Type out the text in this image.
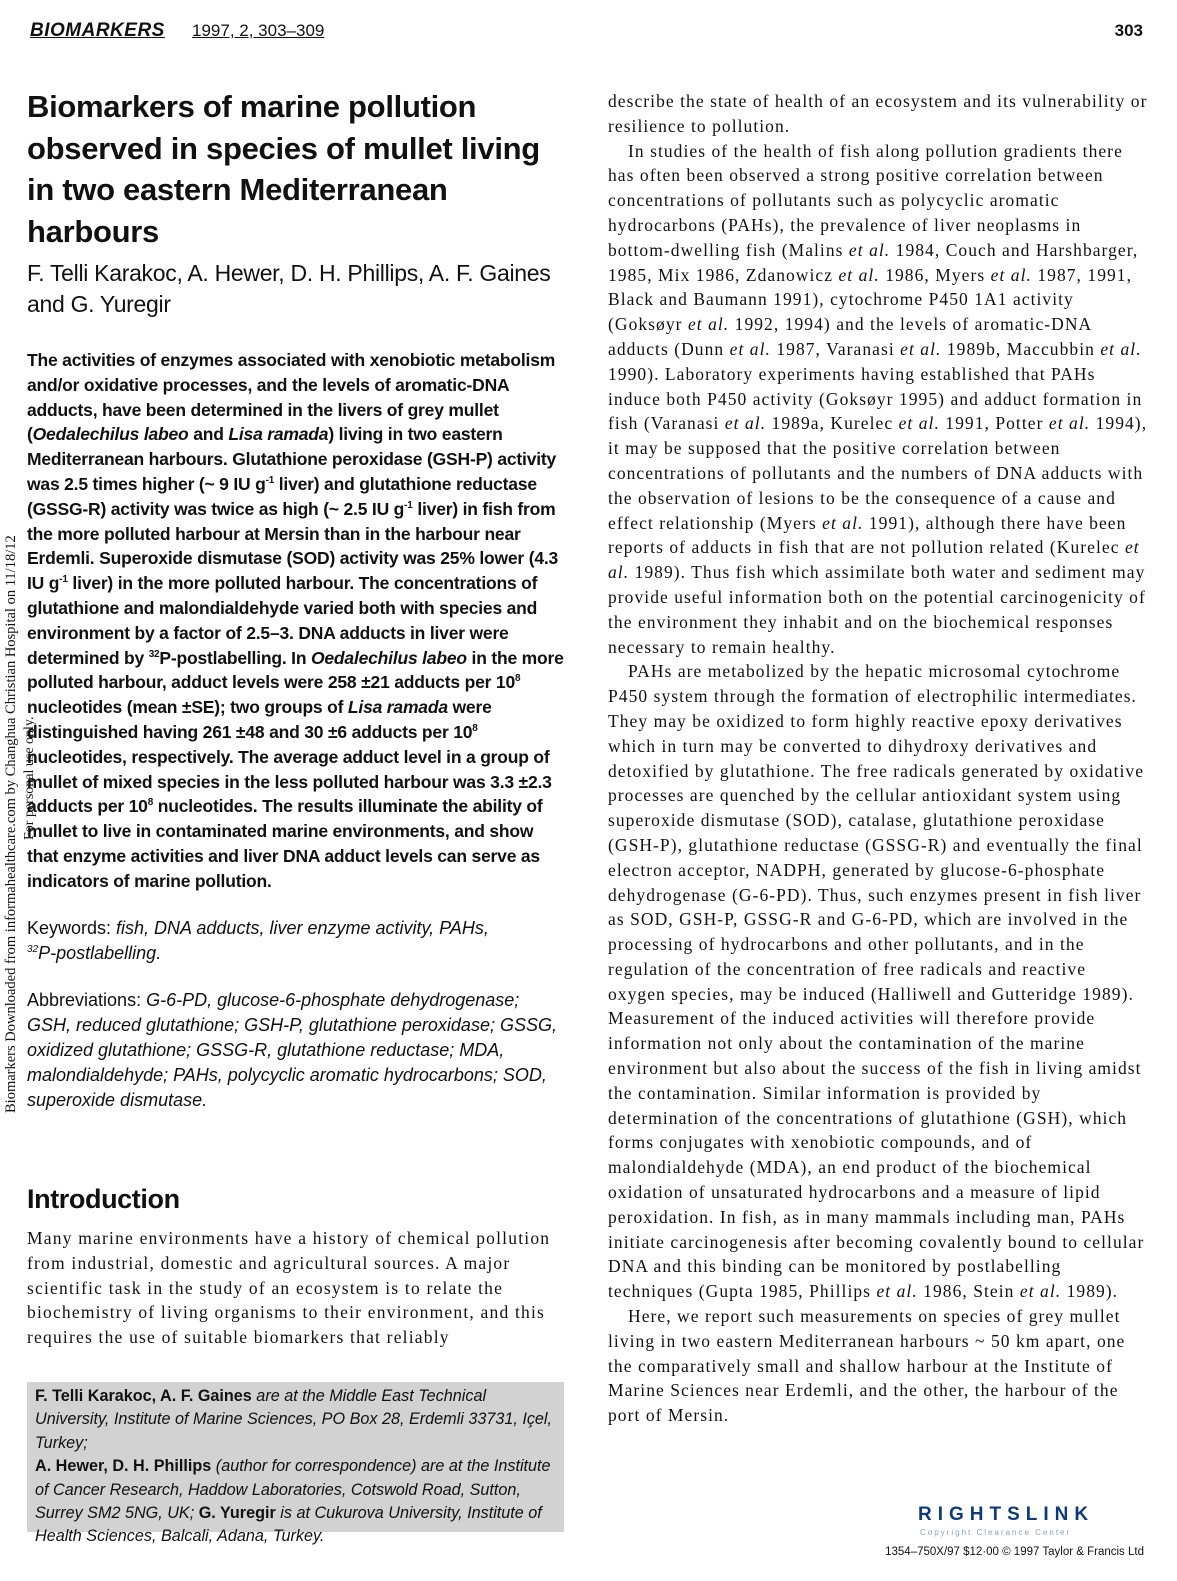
BIOMARKERS 1997, 2, 303–309	303
Biomarkers of marine pollution observed in species of mullet living in two eastern Mediterranean harbours

F. Telli Karakoc, A. Hewer, D. H. Phillips, A. F. Gaines and G. Yuregir

The activities of enzymes associated with xenobiotic metabolism and/or oxidative processes, and the levels of aromatic-DNA adducts, have been determined in the livers of grey mullet (Oedalechilus labeo and Lisa ramada) living in two eastern Mediterranean harbours. Glutathione peroxidase (GSH-P) activity was 2.5 times higher (~ 9 IU $g^{-1}$ liver) and glutathione reductase (GSSG-R) activity was twice as high (~ 2.5 IU $g^{-1}$ liver) in fish from the more polluted harbour at Mersin than in the harbour near Erdemli. Superoxide dismutase (SOD) activity was 25% lower (4.3 IU $g^{-1}$ liver) in the more polluted harbour. The concentrations of glutathione and malondialdehyde varied both with species and environment by a factor of 2.5–3. DNA adducts in liver were determined by $^{32}$P-postlabelling. In Oedalechilus labeo in the more polluted harbour, adduct levels were 258 ±21 adducts per $10^8$ nucleotides (mean ±SE); two groups of Lisa ramada were distinguished having 261 ±48 and 30 ±6 adducts per $10^8$ nucleotides, respectively. The average adduct level in a group of mullet of mixed species in the less polluted harbour was 3.3 ±2.3 adducts per $10^8$ nucleotides. The results illuminate the ability of mullet to live in contaminated marine environments, and show that enzyme activities and liver DNA adduct levels can serve as indicators of marine pollution.

Keywords: fish, DNA adducts, liver enzyme activity, PAHs,
$^{32}$P-postlabelling.

Abbreviations: G-6-PD, glucose-6-phosphate dehydrogenase; GSH, reduced glutathione; GSH-P, glutathione peroxidase; GSSG, oxidized glutathione; GSSG-R, glutathione reductase; MDA, malondialdehyde; PAHs, polycyclic aromatic hydrocarbons; SOD, superoxide dismutase.

Introduction

Many marine environments have a history of chemical pollution from industrial, domestic and agricultural sources. A major scientific task in the study of an ecosystem is to relate the biochemistry of living organisms to their environment, and this requires the use of suitable biomarkers that reliably

F. Telli Karakoc, A. F. Gaines are at the Middle East Technical University, Institute of Marine Sciences, PO Box 28, Erdemli 33731, Içel, Turkey;
A. Hewer, D. H. Phillips (author for correspondence) are at the Institute of Cancer Research, Haddow Laboratories, Cotswold Road, Sutton, Surrey SM2 5NG, UK; G. Yuregir is at Cukurova University, Institute of Health Sciences, Balcali, Adana, Turkey.

describe the state of health of an ecosystem and its vulnerability or resilience to pollution.

In studies of the health of fish along pollution gradients there has often been observed a strong positive correlation between concentrations of pollutants such as polycyclic aromatic hydrocarbons (PAHs), the prevalence of liver neoplasms in bottom-dwelling fish (Malins et al. 1984, Couch and Harshbarger, 1985, Mix 1986, Zdanowicz et al. 1986, Myers et al. 1987, 1991, Black and Baumann 1991), cytochrome P450 1A1 activity (Goksøyr et al. 1992, 1994) and the levels of aromatic-DNA adducts (Dunn et al. 1987, Varanasi et al. 1989b, Maccubbin et al. 1990). Laboratory experiments having established that PAHs induce both P450 activity (Goksøyr 1995) and adduct formation in fish (Varanasi et al. 1989a, Kurelec et al. 1991, Potter et al. 1994), it may be supposed that the positive correlation between concentrations of pollutants and the numbers of DNA adducts with the observation of lesions to be the consequence of a cause and effect relationship (Myers et al. 1991), although there have been reports of adducts in fish that are not pollution related (Kurelec et al. 1989). Thus fish which assimilate both water and sediment may provide useful information both on the potential carcinogenicity of the environment they inhabit and on the biochemical responses necessary to remain healthy.

PAHs are metabolized by the hepatic microsomal cytochrome P450 system through the formation of electrophilic intermediates. They may be oxidized to form highly reactive epoxy derivatives which in turn may be converted to dihydroxy derivatives and detoxified by glutathione. The free radicals generated by oxidative processes are quenched by the cellular antioxidant system using superoxide dismutase (SOD), catalase, glutathione peroxidase (GSH-P), glutathione reductase (GSSG-R) and eventually the final electron acceptor, NADPH, generated by glucose-6-phosphate dehydrogenase (G-6-PD). Thus, such enzymes present in fish liver as SOD, GSH-P, GSSG-R and G-6-PD, which are involved in the processing of hydrocarbons and other pollutants, and in the regulation of the concentration of free radicals and reactive oxygen species, may be induced (Halliwell and Gutteridge 1989). Measurement of the induced activities will therefore provide information not only about the contamination of the marine environment but also about the success of the fish in living amidst the contamination. Similar information is provided by determination of the concentrations of glutathione (GSH), which forms conjugates with xenobiotic compounds, and of malondialdehyde (MDA), an end product of the biochemical oxidation of unsaturated hydrocarbons and a measure of lipid peroxidation. In fish, as in many mammals including man, PAHs initiate carcinogenesis after becoming covalently bound to cellular DNA and this binding can be monitored by postlabelling techniques (Gupta 1985, Phillips et al. 1986, Stein et al. 1989).

Here, we report such measurements on species of grey mullet living in two eastern Mediterranean harbours ~ 50 km apart, one the comparatively small and shallow harbour at the Institute of Marine Sciences near Erdemli, and the other, the harbour of the port of Mersin.

Biomarkers Downloaded from informahealthcare.com by Changhua Christian Hospital on 11/18/12 For personal use only.
RIGHTSLINK
Copyright Clearance Center
1354–750X/97 $12·00 © 1997 Taylor & Francis Ltd
